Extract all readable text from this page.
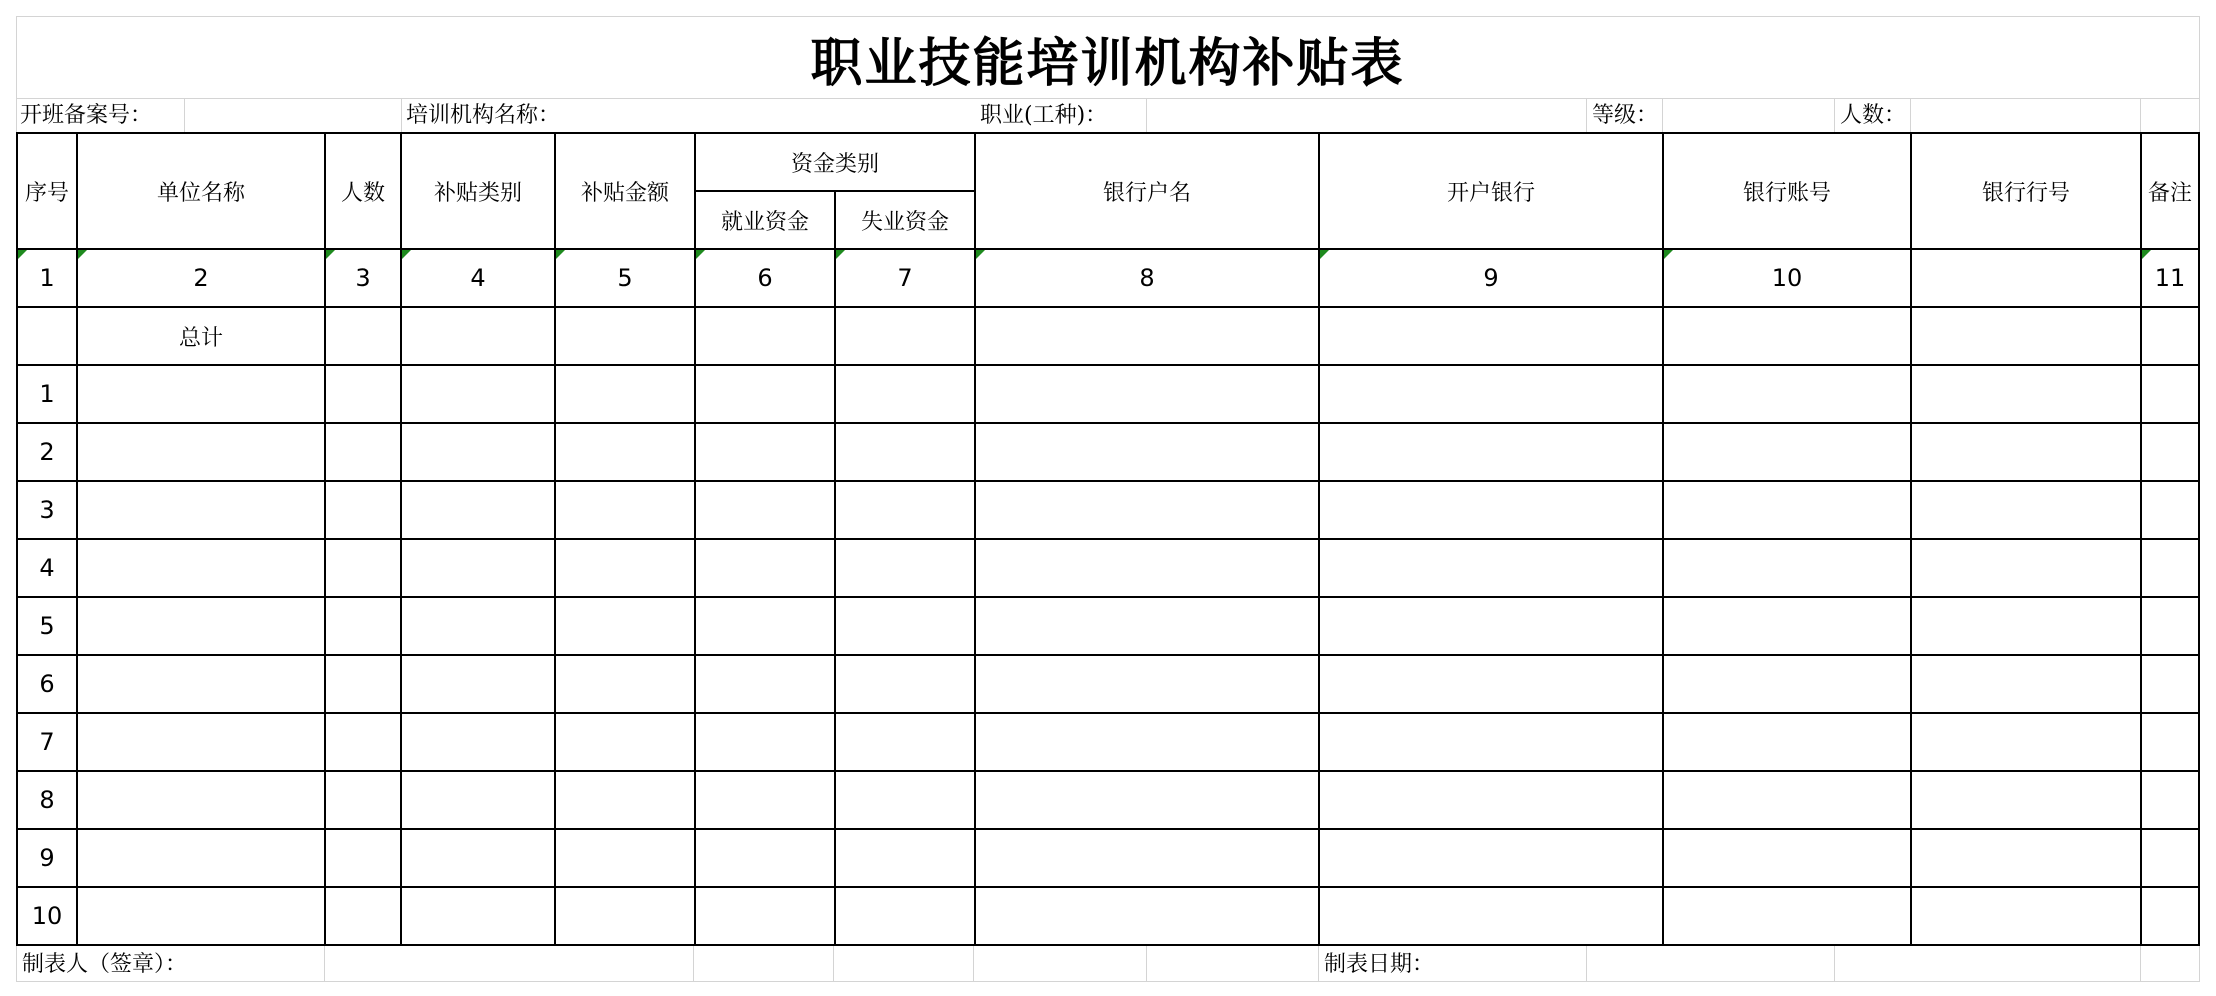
职业技能培训机构补贴表
开班备案号：	培训机构名称：	职业(工种)：	等级：	人数：
序号	单位名称	人数	补贴类别	补贴金额	资金类别		银行户名	开户银行	银行账号	银行行号	备注
					就业资金	失业资金					

1	2	3	4	5	6	7	8	9	10		11
	总计										
1											
2											
3											
4											
5											
6											
7											
8											
9											
10											
制表人（签章）：	制表日期：
